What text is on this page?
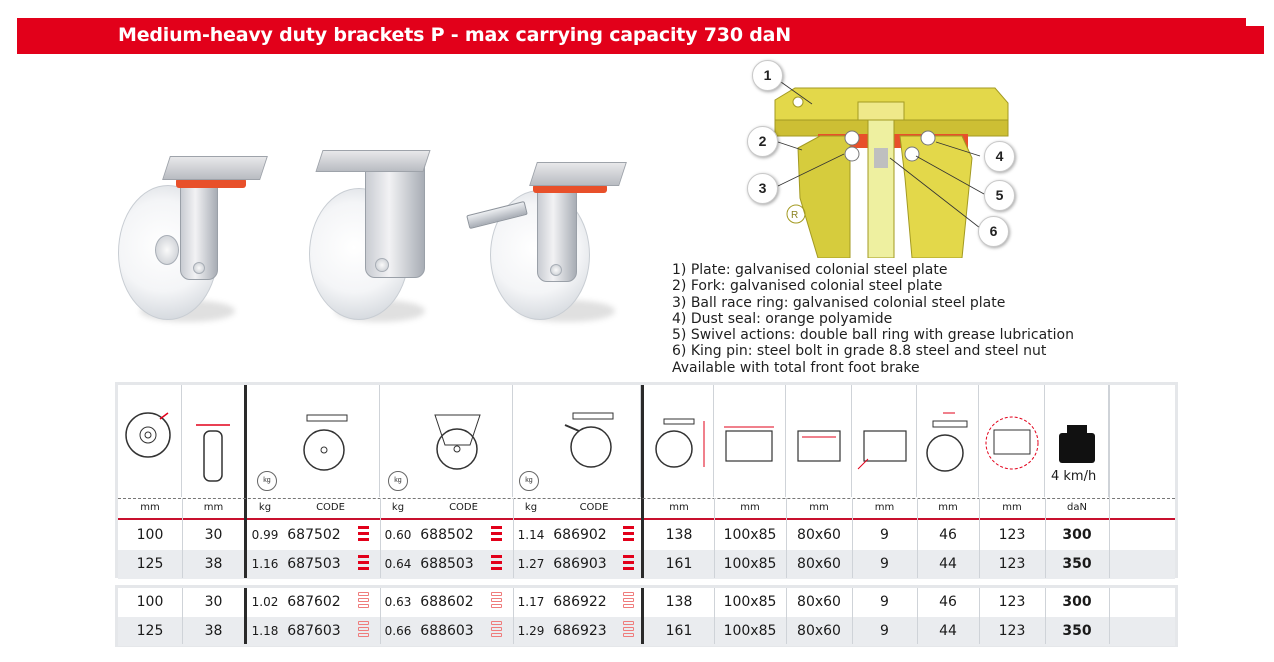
Medium-heavy duty brackets P - max carrying capacity 730 daN
R
1
2
3
4
5
6
1) Plate: galvanised colonial steel plate
2) Fork: galvanised colonial steel plate
3) Ball race ring: galvanised colonial steel plate
4) Dust seal: orange polyamide
5) Swivel actions: double ball ring with grease lubrication
6) King pin: steel bolt in grade 8.8 steel and steel nut
Available with total front foot brake
kg	kg	kg	4 km/h
mm	mm	kg	CODE	kg	CODE	kg	CODE	mm	mm	mm	mm	mm	mm	daN
100	30	0.99 687502	0.60 688502	1.14 686902	138	100x85	80x60	9	46	123	300
125	38	1.16 687503	0.64 688503	1.27 686903	161	100x85	80x60	9	44	123	350
100	30	1.02 687602	0.63 688602	1.17 686922	138	100x85	80x60	9	46	123	300
125	38	1.18 687603	0.66 688603	1.29 686923	161	100x85	80x60	9	44	123	350
